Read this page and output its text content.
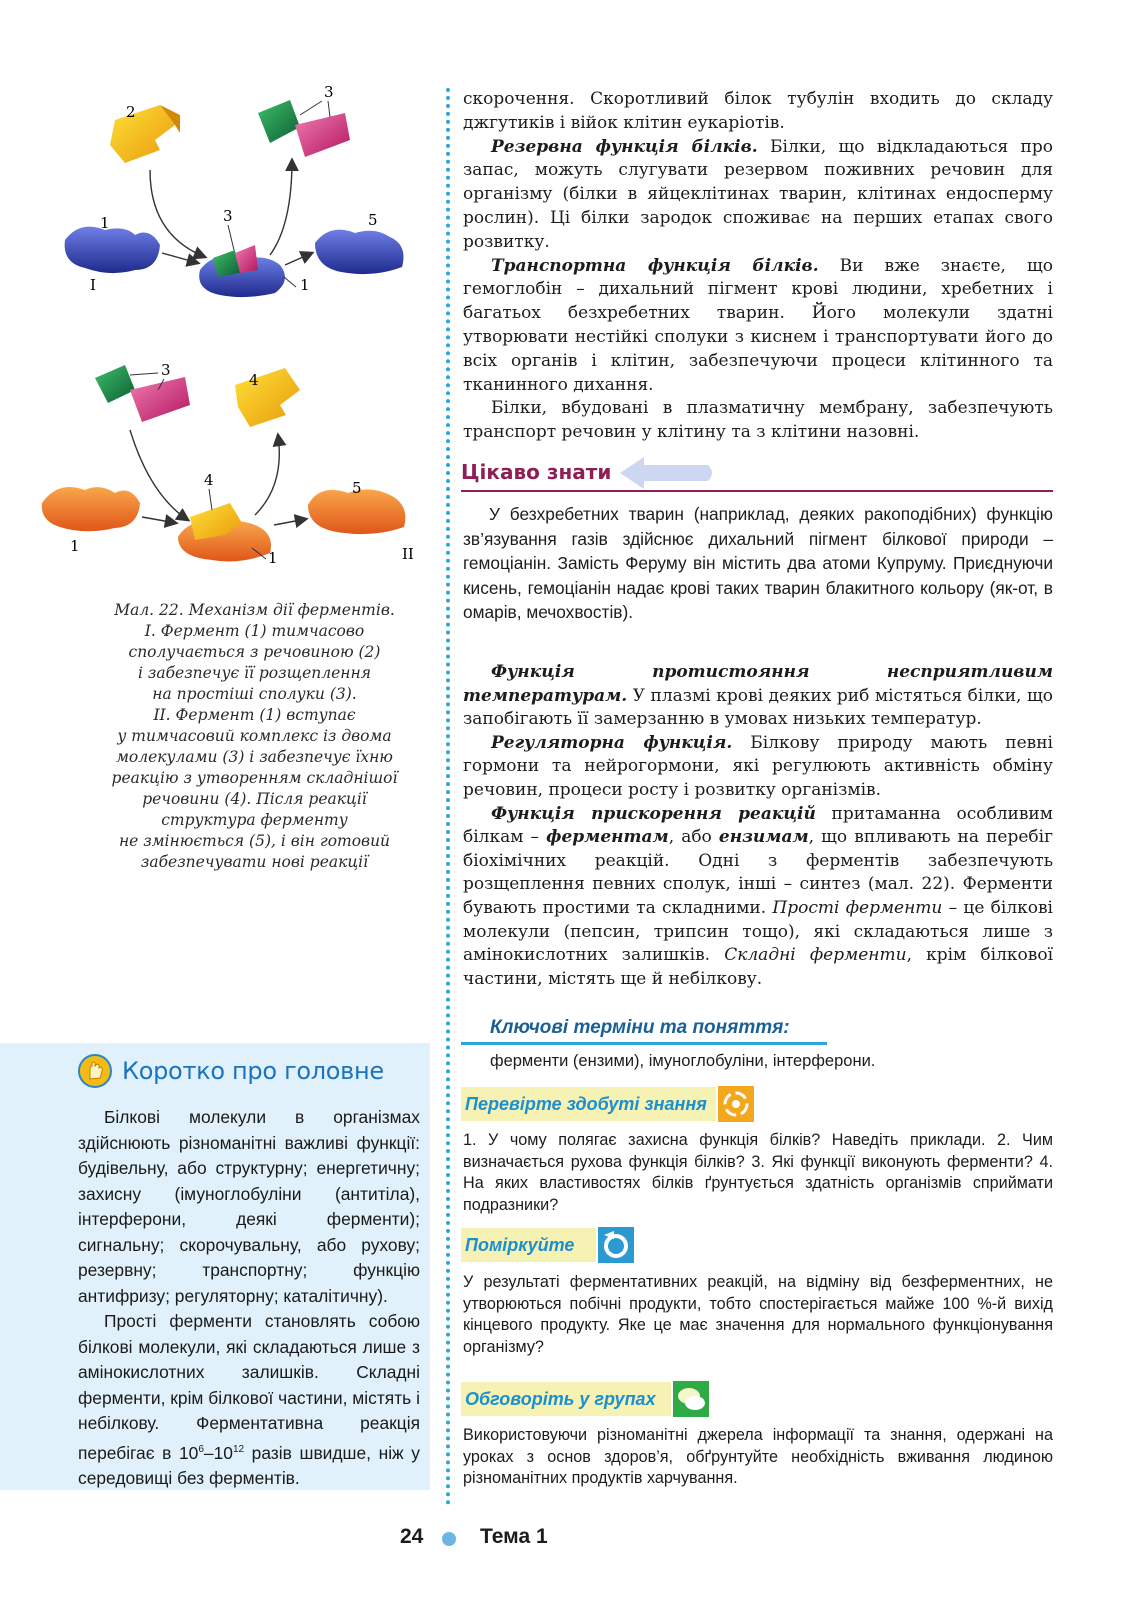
2
3
1	3	5
I	1
3
4
4	5
1
1	II
Мал. 22. Механізм дії ферментів.
I. Фермент (1) тимчасово
сполучається з речовиною (2)
і забезпечує її розщеплення
на простіші сполуки (3).
II. Фермент (1) вступає
у тимчасовий комплекс із двома
молекулами (3) і забезпечує їхню
реакцію з утворенням складнішої
речовини (4). Після реакції
структура ферменту
не змінюється (5), і він готовий
забезпечувати нові реакції
Коротко про головне

Білкові молекули в організмах здійснюють різноманітні важливі функції: будівельну, або структурну; енергетичну; захисну (імуноглобуліни (антитіла), інтерферони, деякі ферменти); сигнальну; скорочувальну, або рухову; резервну; транспортну; функцію антифризу; регуляторну; каталітичну).

Прості ферменти становлять собою білкові молекули, які складаються лише з амінокислотних залишків. Складні ферменти, крім білкової частини, містять і небілкову. Ферментативна реакція перебігає в $10^6-10^{12}$ разів швидше, ніж у середовищі без ферментів.

скорочення. Скоротливий білок тубулін входить до складу джгутиків і війок клітин еукаріотів.

Резервна функція білків. Білки, що відкладаються про запас, можуть слугувати резервом поживних речовин для організму (білки в яйцеклітинах тварин, клітинах ендосперму рослин). Ці білки зародок споживає на перших етапах свого розвитку.

Транспортна функція білків. Ви вже знаєте, що гемоглобін – дихальний пігмент крові людини, хребетних і багатьох безхребетних тварин. Його молекули здатні утворювати нестійкі сполуки з киснем і транспортувати його до всіх органів і клітин, забезпечуючи процеси клітинного та тканинного дихання.

Білки, вбудовані в плазматичну мембрану, забезпечують транспорт речовин у клітину та з клітини назовні.

Цікаво знати

У безхребетних тварин (наприклад, деяких ракоподібних) функцію зв’язування газів здійснює дихальний пігмент білкової природи – гемоціанін. Замість Феруму він містить два атоми Купруму. Приєднуючи кисень, гемоціанін надає крові таких тварин блакитного кольору (як-от, в омарів, мечохвостів).

Функція протистояння несприятливим температурам. У плазмі крові деяких риб містяться білки, що запобігають її замерзанню в умовах низьких температур.

Регуляторна функція. Білкову природу мають певні гормони та нейрогормони, які регулюють активність обміну речовин, процеси росту і розвитку організмів.

Функція прискорення реакцій притаманна особливим білкам – ферментам, або ензимам, що впливають на перебіг біохімічних реакцій. Одні з ферментів забезпечують розщеплення певних сполук, інші – синтез (мал. 22). Ферменти бувають простими та складними. Прості ферменти – це білкові молекули (пепсин, трипсин тощо), які складаються лише з амінокислотних залишків. Складні ферменти, крім білкової частини, містять ще й небілкову.

Ключові терміни та поняття:
ферменти (ензими), імуноглобуліни, інтерферони.
Перевірте здобуті знання

1. У чому полягає захисна функція білків? Наведіть приклади. 2. Чим визначається рухова функція білків? 3. Які функції виконують ферменти? 4. На яких властивостях білків ґрунтується здатність організмів сприймати подразники?

Поміркуйте

У результаті ферментативних реакцій, на відміну від безферментних, не утворюються побічні продукти, тобто спостерігається майже 100 %-й вихід кінцевого продукту. Яке це має значення для нормального функціонування організму?

Обговоріть у групах

Використовуючи різноманітні джерела інформації та знання, одержані на уроках з основ здоров’я, обґрунтуйте необхідність вживання людиною різноманітних продуктів харчування.

24	Тема 1
